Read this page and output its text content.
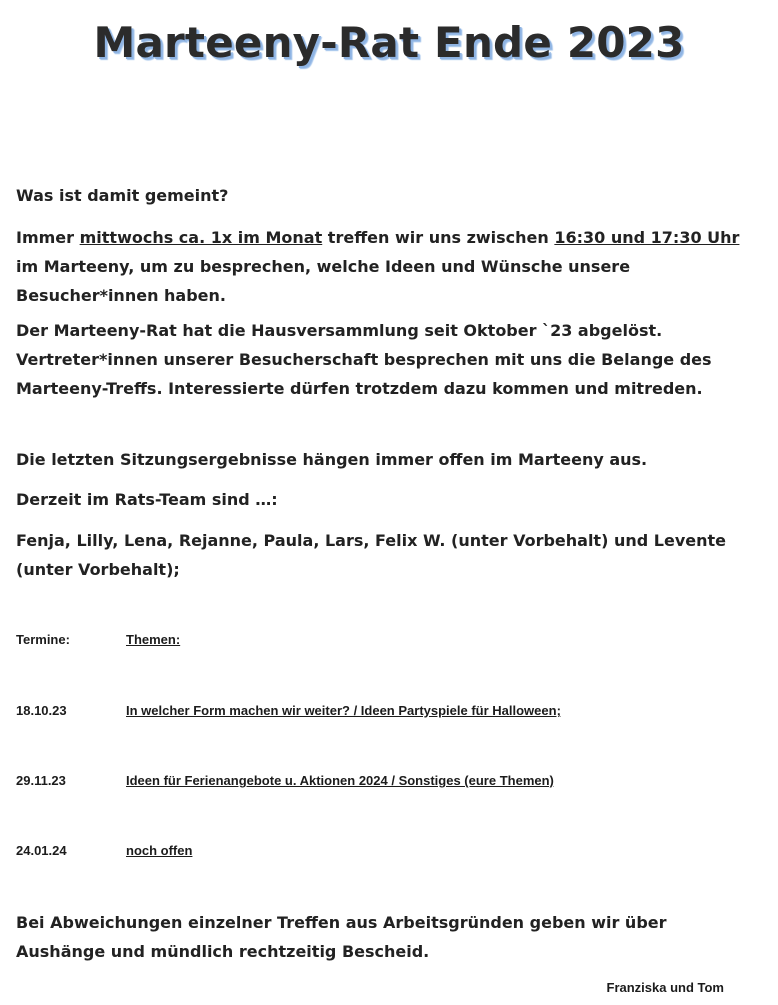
Marteeny-Rat Ende 2023

Was ist damit gemeint?

Immer mittwochs ca. 1x im Monat treffen wir uns zwischen 16:30 und 17:30 Uhr im Marteeny, um zu besprechen, welche Ideen und Wünsche unsere Besucher*innen haben.

Der Marteeny-Rat hat die Hausversammlung seit Oktober `23 abgelöst. Vertreter*innen unserer Besucherschaft besprechen mit uns die Belange des Marteeny-Treffs. Interessierte dürfen trotzdem dazu kommen und mitreden.

Die letzten Sitzungsergebnisse hängen immer offen im Marteeny aus.

Derzeit im Rats-Team sind …:

Fenja, Lilly, Lena, Rejanne, Paula, Lars, Felix W. (unter Vorbehalt) und Levente (unter Vorbehalt);

Termine:	Themen:
18.10.23	In welcher Form machen wir weiter? / Ideen Partyspiele für Halloween;
29.11.23	Ideen für Ferienangebote u. Aktionen 2024 / Sonstiges (eure Themen)
24.01.24	noch offen

Bei Abweichungen einzelner Treffen aus Arbeitsgründen geben wir über Aushänge und mündlich rechtzeitig Bescheid.

Franziska und Tom
